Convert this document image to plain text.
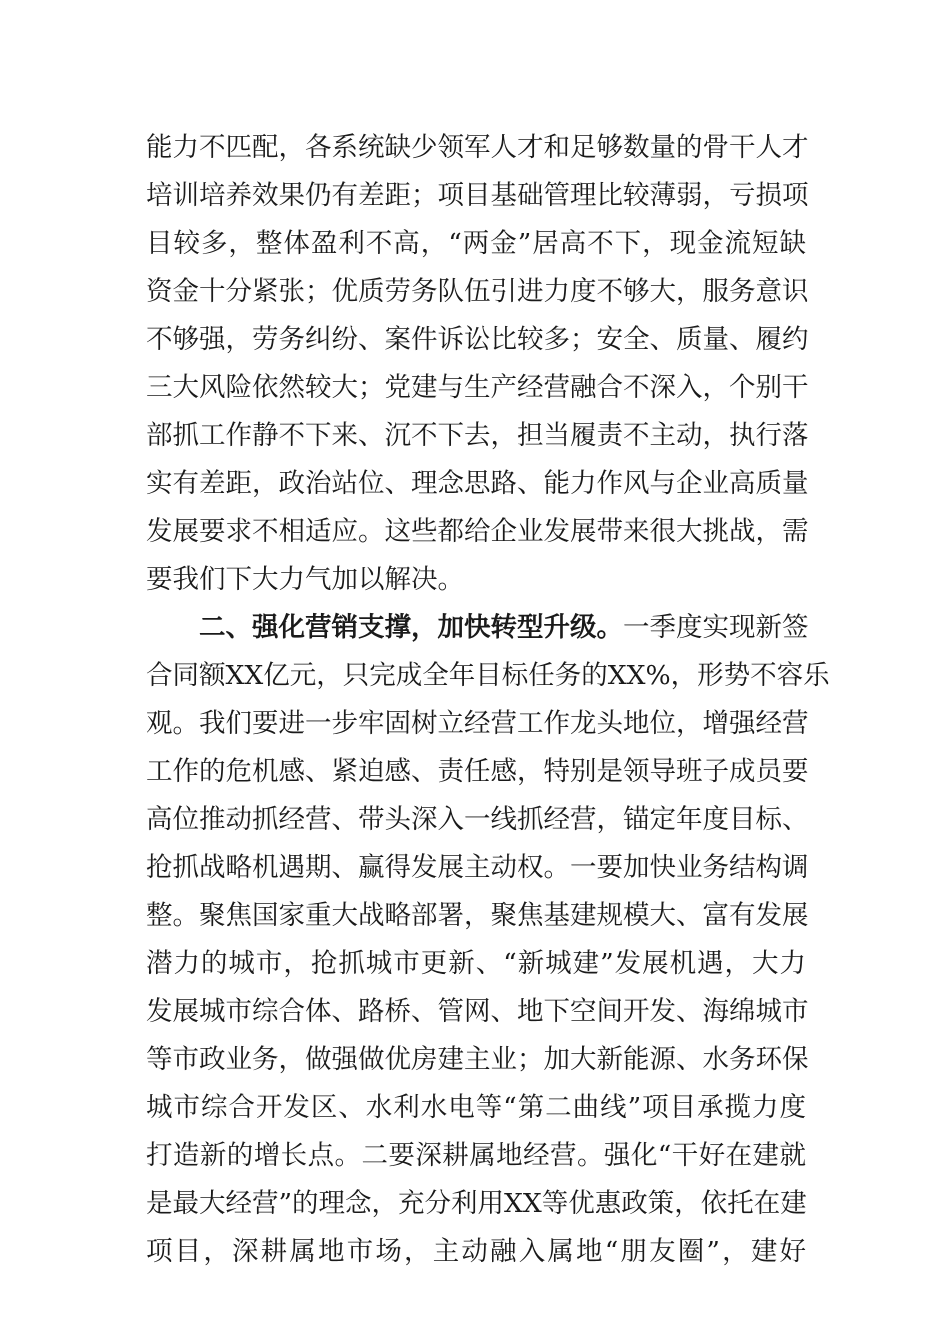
能力不匹配，各系统缺少领军人才和足够数量的骨干人才
培训培养效果仍有差距；项目基础管理比较薄弱，亏损项
目较多，整体盈利不高，“两金”居高不下，现金流短缺
资金十分紧张；优质劳务队伍引进力度不够大，服务意识
不够强，劳务纠纷、案件诉讼比较多；安全、质量、履约
三大风险依然较大；党建与生产经营融合不深入，个别干
部抓工作静不下来、沉不下去，担当履责不主动，执行落
实有差距，政治站位、理念思路、能力作风与企业高质量
发展要求不相适应。这些都给企业发展带来很大挑战，需
要我们下大力气加以解决。
二、强化营销支撑，加快转型升级。一季度实现新签
合同额XX亿元，只完成全年目标任务的XX%，形势不容乐
观。我们要进一步牢固树立经营工作龙头地位，增强经营
工作的危机感、紧迫感、责任感，特别是领导班子成员要
高位推动抓经营、带头深入一线抓经营，锚定年度目标、
抢抓战略机遇期、赢得发展主动权。一要加快业务结构调
整。聚焦国家重大战略部署，聚焦基建规模大、富有发展
潜力的城市，抢抓城市更新、“新城建”发展机遇，大力
发展城市综合体、路桥、管网、地下空间开发、海绵城市
等市政业务，做强做优房建主业；加大新能源、水务环保
城市综合开发区、水利水电等“第二曲线”项目承揽力度
打造新的增长点。二要深耕属地经营。强化“干好在建就
是最大经营”的理念，充分利用XX等优惠政策，依托在建
项目，深耕属地市场，主动融入属地“朋友圈”，建好
